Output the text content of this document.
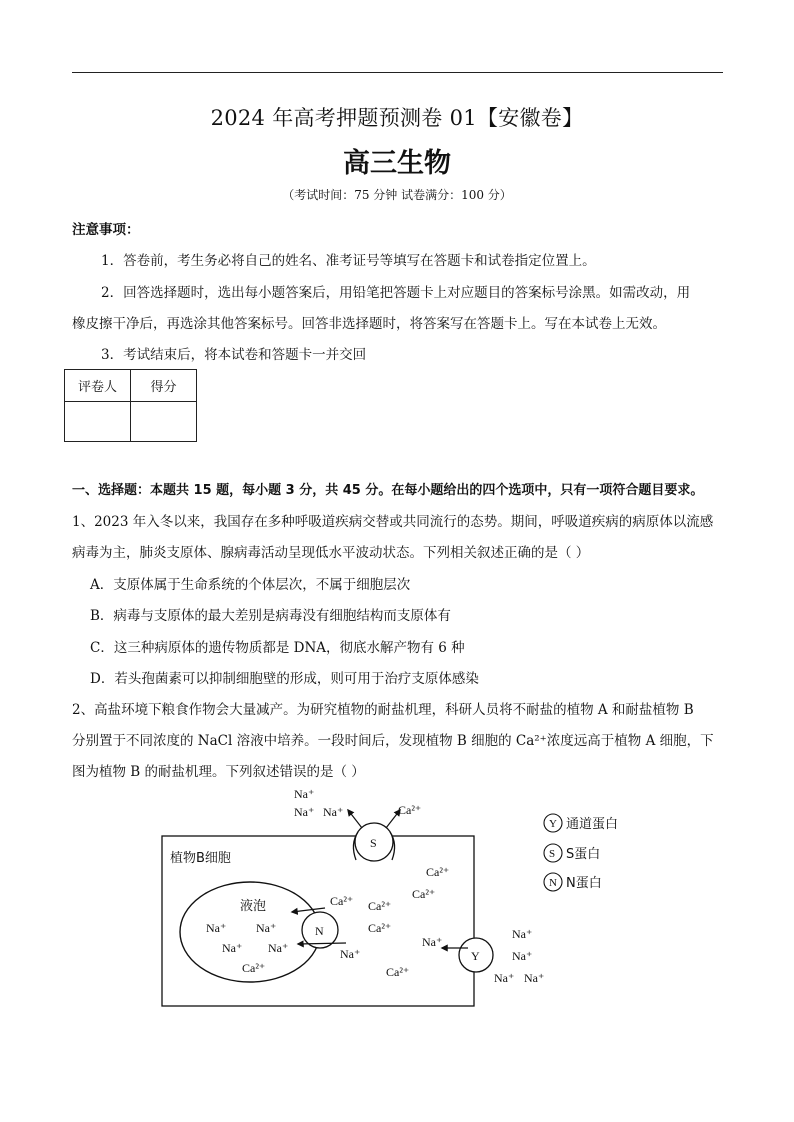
2024 年高考押题预测卷 01【安徽卷】
高三生物
（考试时间：75 分钟 试卷满分：100 分）
注意事项：
1．答卷前，考生务必将自己的姓名、准考证号等填写在答题卡和试卷指定位置上。
2．回答选择题时，选出每小题答案后，用铅笔把答题卡上对应题目的答案标号涂黑。如需改动，用
橡皮擦干净后，再选涂其他答案标号。回答非选择题时，将答案写在答题卡上。写在本试卷上无效。
3．考试结束后，将本试卷和答题卡一并交回
评卷人	得分

一、选择题：本题共 15 题，每小题 3 分，共 45 分。在每小题给出的四个选项中，只有一项符合题目要求。
1、2023 年入冬以来，我国存在多种呼吸道疾病交替或共同流行的态势。期间，呼吸道疾病的病原体以流感
病毒为主，肺炎支原体、腺病毒活动呈现低水平波动状态。下列相关叙述正确的是（ ）
A．支原体属于生命系统的个体层次，不属于细胞层次
B．病毒与支原体的最大差别是病毒没有细胞结构而支原体有
C．这三种病原体的遗传物质都是 DNA，彻底水解产物有 6 种
D．若头孢菌素可以抑制细胞壁的形成，则可用于治疗支原体感染
2、高盐环境下粮食作物会大量减产。为研究植物的耐盐机理，科研人员将不耐盐的植物 A 和耐盐植物 B
分别置于不同浓度的 NaCl 溶液中培养。一段时间后，发现植物 B 细胞的 Ca²⁺浓度远高于植物 A 细胞，下
图为植物 B 的耐盐机理。下列叙述错误的是（ ）
植物B细胞
液泡
S
N
Y
Na⁺
Na⁺ Na⁺	Ca²⁺
Ca²⁺
Ca²⁺
Ca²⁺ Ca²⁺
Ca²⁺
Na⁺
Na⁺
Ca²⁺
Na⁺ Na⁺
Na⁺ Na⁺
Ca²⁺
Na⁺
Na⁺
Na⁺ Na⁺
Y 通道蛋白
S S蛋白
N N蛋白
